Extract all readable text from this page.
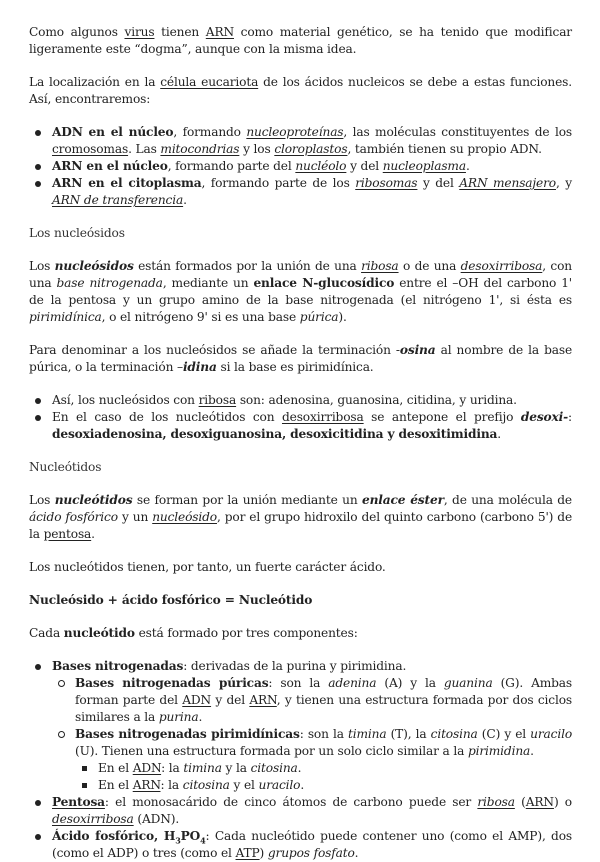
Como algunos virus tienen ARN como material genético, se ha tenido que modificar ligeramente este “dogma”, aunque con la misma idea.

La localización en la célula eucariota de los ácidos nucleicos se debe a estas funciones. Así, encontraremos:

ADN en el núcleo, formando nucleoproteínas, las moléculas constituyentes de los cromosomas. Las mitocondrias y los cloroplastos, también tienen su propio ADN.
ARN en el núcleo, formando parte del nucléolo y del nucleoplasma.
ARN en el citoplasma, formando parte de los ribosomas y del ARN mensajero, y ARN de transferencia.

Los nucleósidos

Los nucleósidos están formados por la unión de una ribosa o de una desoxirribosa, con una base nitrogenada, mediante un enlace N-glucosídico entre el –OH del carbono 1' de la pentosa y un grupo amino de la base nitrogenada (el nitrógeno 1', si ésta es pirimidínica, o el nitrógeno 9' si es una base púrica).

Para denominar a los nucleósidos se añade la terminación -osina al nombre de la base púrica, o la terminación –idina si la base es pirimidínica.

Así, los nucleósidos con ribosa son: adenosina, guanosina, citidina, y uridina.
En el caso de los nucleótidos con desoxirribosa se antepone el prefijo desoxi-: desoxiadenosina, desoxiguanosina, desoxicitidina y desoxitimidina.

Nucleótidos

Los nucleótidos se forman por la unión mediante un enlace éster, de una molécula de ácido fosfórico y un nucleósido, por el grupo hidroxilo del quinto carbono (carbono 5') de la pentosa.

Los nucleótidos tienen, por tanto, un fuerte carácter ácido.

Nucleósido + ácido fosfórico = Nucleótido

Cada nucleótido está formado por tres componentes:

Bases nitrogenadas: derivadas de la purina y pirimidina.
Bases nitrogenadas púricas: son la adenina (A) y la guanina (G). Ambas forman parte del ADN y del ARN, y tienen una estructura formada por dos ciclos similares a la purina.
Bases nitrogenadas pirimidínicas: son la timina (T), la citosina (C) y el uracilo (U). Tienen una estructura formada por un solo ciclo similar a la pirimidina.
En el ADN: la timina y la citosina.
En el ARN: la citosina y el uracilo.
Pentosa: el monosacárido de cinco átomos de carbono puede ser ribosa (ARN) o desoxirribosa (ADN).
Ácido fosfórico, $H_3PO_4$: Cada nucleótido puede contener uno (como el AMP), dos (como el ADP) o tres (como el ATP) grupos fosfato.
